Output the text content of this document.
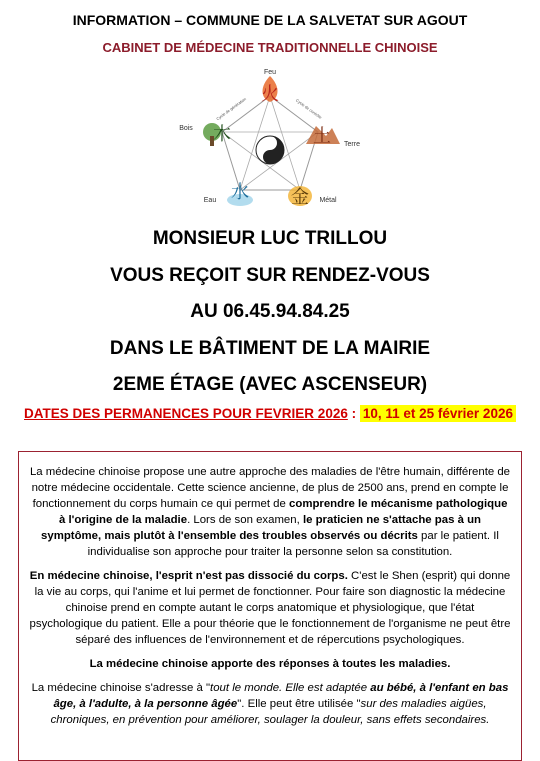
INFORMATION – COMMUNE DE LA SALVETAT SUR AGOUT
CABINET DE MÉDECINE TRADITIONNELLE CHINOISE
火
Feu
土 Terre
金 Métal
水
Eau
木
Bois
Cycle de génération	Cycle de contrôle
MONSIEUR LUC TRILLOU
VOUS REÇOIT SUR RENDEZ-VOUS
AU 06.45.94.84.25
DANS LE BÂTIMENT DE LA MAIRIE
2EME ÉTAGE (AVEC ASCENSEUR)
DATES DES PERMANENCES POUR FEVRIER 2026 : 10, 11 et 25 février 2026

La médecine chinoise propose une autre approche des maladies de l'être humain, différente de notre médecine occidentale. Cette science ancienne, de plus de 2500 ans, prend en compte le fonctionnement du corps humain ce qui permet de comprendre le mécanisme pathologique à l'origine de la maladie. Lors de son examen, le praticien ne s'attache pas à un symptôme, mais plutôt à l'ensemble des troubles observés ou décrits par le patient. Il individualise son approche pour traiter la personne selon sa constitution.

En médecine chinoise, l'esprit n'est pas dissocié du corps. C'est le Shen (esprit) qui donne la vie au corps, qui l'anime et lui permet de fonctionner. Pour faire son diagnostic la médecine chinoise prend en compte autant le corps anatomique et physiologique, que l'état psychologique du patient. Elle a pour théorie que le fonctionnement de l'organisme ne peut être séparé des influences de l'environnement et de répercutions psychologiques.

La médecine chinoise apporte des réponses à toutes les maladies.

La médecine chinoise s'adresse à "tout le monde. Elle est adaptée au bébé, à l'enfant en bas âge, à l'adulte, à la personne âgée". Elle peut être utilisée "sur des maladies aigües, chroniques, en prévention pour améliorer, soulager la douleur, sans effets secondaires.
